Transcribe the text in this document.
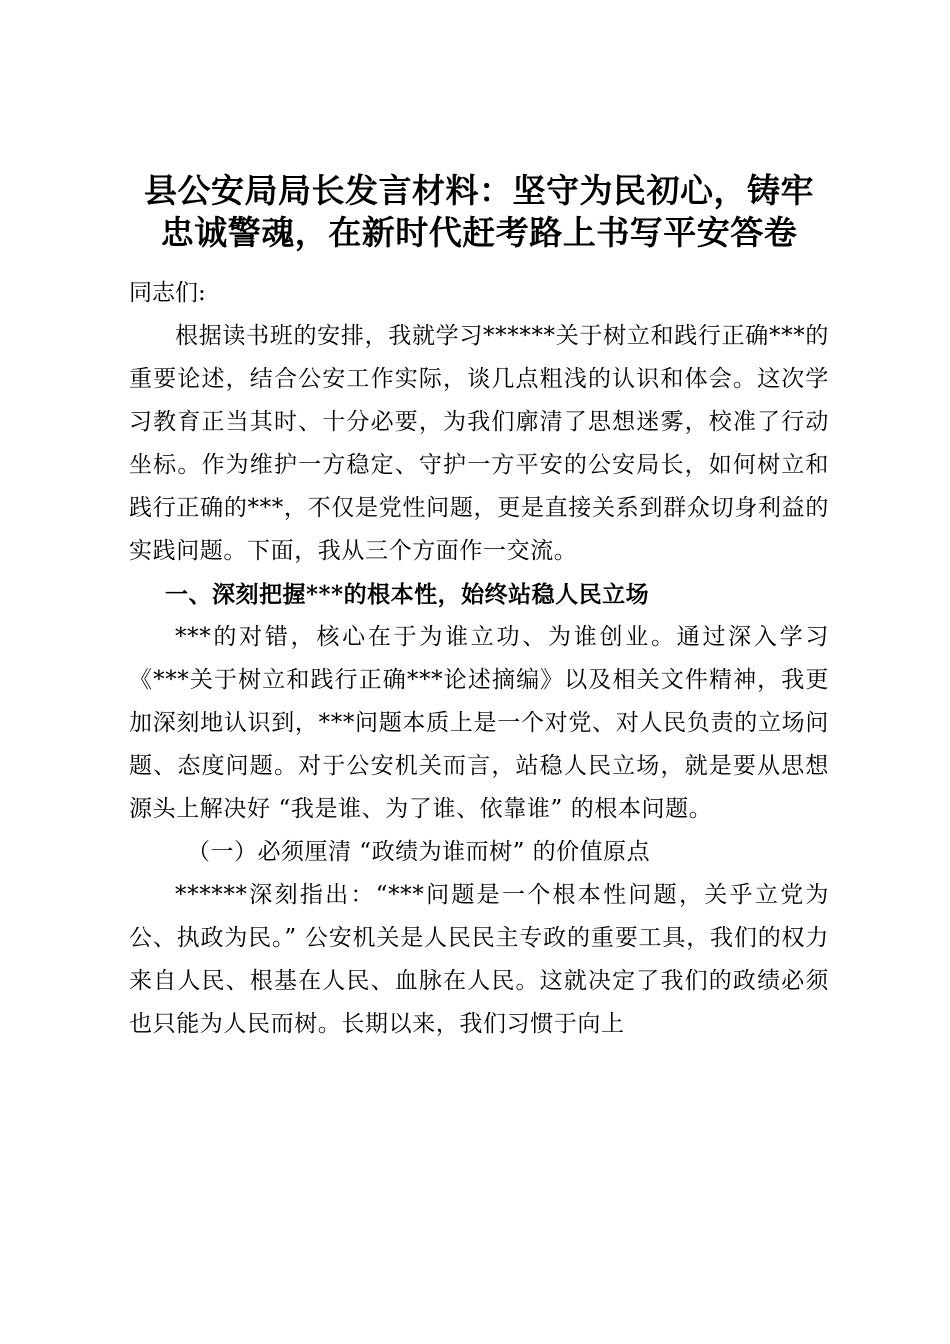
县公安局局长发言材料：坚守为民初心，铸牢
忠诚警魂，在新时代赶考路上书写平安答卷

同志们:

根据读书班的安排，我就学习******关于树立和践行正确***的重要论述，结合公安工作实际，谈几点粗浅的认识和体会。这次学习教育正当其时、十分必要，为我们廓清了思想迷雾，校准了行动坐标。作为维护一方稳定、守护一方平安的公安局长，如何树立和践行正确的***，不仅是党性问题，更是直接关系到群众切身利益的实践问题。下面，我从三个方面作一交流。

一、深刻把握***的根本性，始终站稳人民立场

***的对错，核心在于为谁立功、为谁创业。通过深入学习《***关于树立和践行正确***论述摘编》以及相关文件精神，我更加深刻地认识到，***问题本质上是一个对党、对人民负责的立场问题、态度问题。对于公安机关而言，站稳人民立场，就是要从思想源头上解决好 “我是谁、为了谁、依靠谁” 的根本问题。

（一）必须厘清 “政绩为谁而树” 的价值原点

******深刻指出：“***问题是一个根本性问题，关乎立党为公、执政为民。” 公安机关是人民民主专政的重要工具，我们的权力来自人民、根基在人民、血脉在人民。这就决定了我们的政绩必须也只能为人民而树。长期以来，我们习惯于向上
